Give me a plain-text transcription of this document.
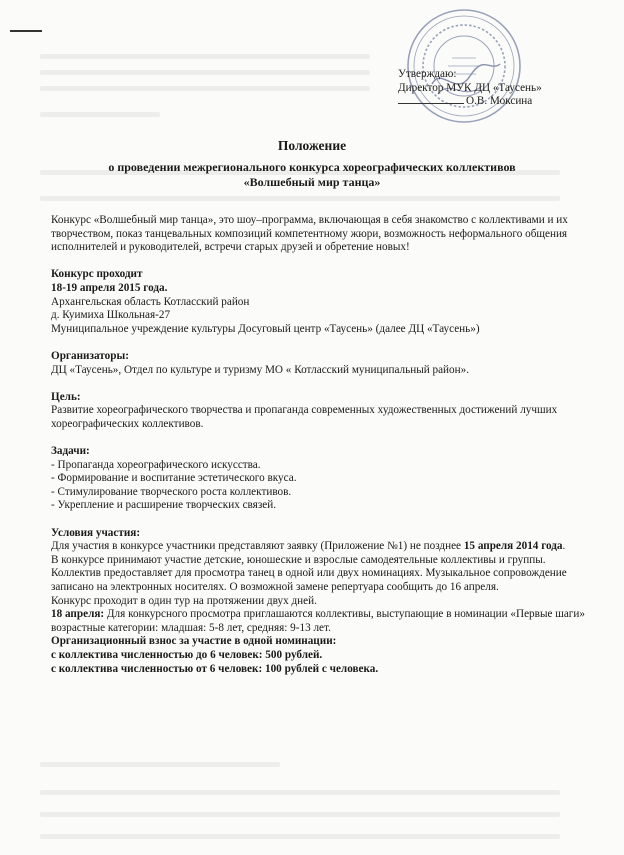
Утверждаю:
Директор МУК ДЦ «Таусень»
О.В. Моксина
Положение
о проведении межрегионального конкурса хореографических коллективов
«Волшебный мир танца»

Конкурс «Волшебный мир танца», это шоу–программа, включающая в себя знакомство с коллективами и их творчеством, показ танцевальных композиций компетентному жюри, возможность неформального общения исполнителей и руководителей, встречи старых друзей и обретение новых!

Конкурс проходит

18-19 апреля 2015 года.

Архангельская область Котласский район

д. Куимиха Школьная-27

Муниципальное учреждение культуры Досуговый центр «Таусень» (далее ДЦ «Таусень»)

Организаторы:

ДЦ «Таусень», Отдел по культуре и туризму МО « Котласский муниципальный район».

Цель:

Развитие хореографического творчества и пропаганда современных художественных достижений лучших хореографических коллективов.

Задачи:

- Пропаганда хореографического искусства.

- Формирование и воспитание эстетического вкуса.

- Стимулирование творческого роста коллективов.

- Укрепление и расширение творческих связей.

Условия участия:

Для участия в конкурсе участники представляют заявку (Приложение №1) не позднее 15 апреля 2014 года.

В конкурсе принимают участие детские, юношеские и взрослые самодеятельные коллективы и группы. Коллектив предоставляет для просмотра танец в одной или двух номинациях. Музыкальное сопровождение записано на электронных носителях. О возможной замене репертуара сообщить до 16 апреля.

Конкурс проходит в один тур на протяжении двух дней.

18 апреля: Для конкурсного просмотра приглашаются коллективы, выступающие в номинации «Первые шаги»

возрастные категории: младшая: 5-8 лет, средняя: 9-13 лет.

Организационный взнос за участие в одной номинации:

с коллектива численностью до 6 человек: 500 рублей.

с коллектива численностью от 6 человек: 100 рублей с человека.
